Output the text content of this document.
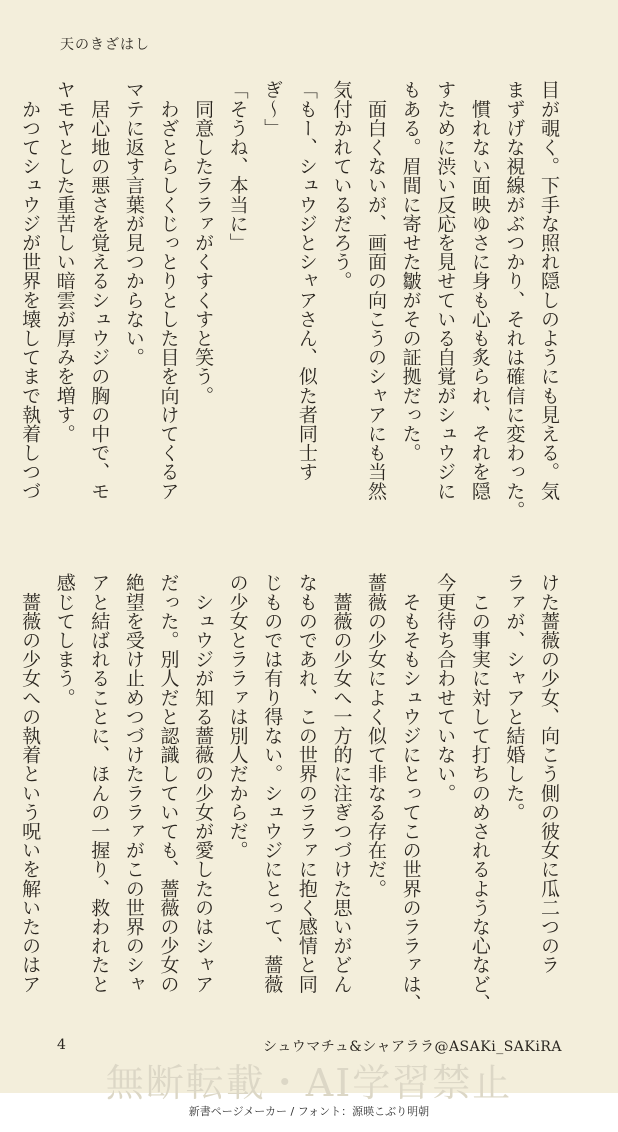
天のきざはし
目が覗く。下手な照れ隠しのようにも見える。気
まずげな視線がぶつかり、それは確信に変わった。
　慣れない面映ゆさに身も心も炙られ、それを隠
すために渋い反応を見せている自覚がシュウジに
もある。眉間に寄せた皺がその証拠だった。
　面白くないが、画面の向こうのシャアにも当然
気付かれているだろう。
「もー、シュウジとシャアさん、似た者同士す
ぎ〜」
「そうね、本当に」
　同意したララァがくすくすと笑う。
　わざとらしくじっとりとした目を向けてくるア
マテに返す言葉が見つからない。
　居心地の悪さを覚えるシュウジの胸の中で、モ
ヤモヤとした重苦しい暗雲が厚みを増す。
　かつてシュウジが世界を壊してまで執着しつづ
けた薔薇の少女、向こう側の彼女に瓜二つのラ
ラァが、シャアと結婚した。
　この事実に対して打ちのめされるような心など、
今更待ち合わせていない。
　そもそもシュウジにとってこの世界のララァは、
薔薇の少女によく似て非なる存在だ。
　薔薇の少女へ一方的に注ぎつづけた思いがどん
なものであれ、この世界のララァに抱く感情と同
じものでは有り得ない。シュウジにとって、薔薇
の少女とララァは別人だからだ。
　シュウジが知る薔薇の少女が愛したのはシャア
だった。別人だと認識していても、薔薇の少女の
絶望を受け止めつづけたララァがこの世界のシャ
アと結ばれることに、ほんの一握り、救われたと
感じてしまう。
　薔薇の少女への執着という呪いを解いたのはア
4	シュウマチュ&シャアララ@ASAKi_SAKiRA
無断転載・AI学習禁止
新書ページメーカー / フォント：源暎こぶり明朝
